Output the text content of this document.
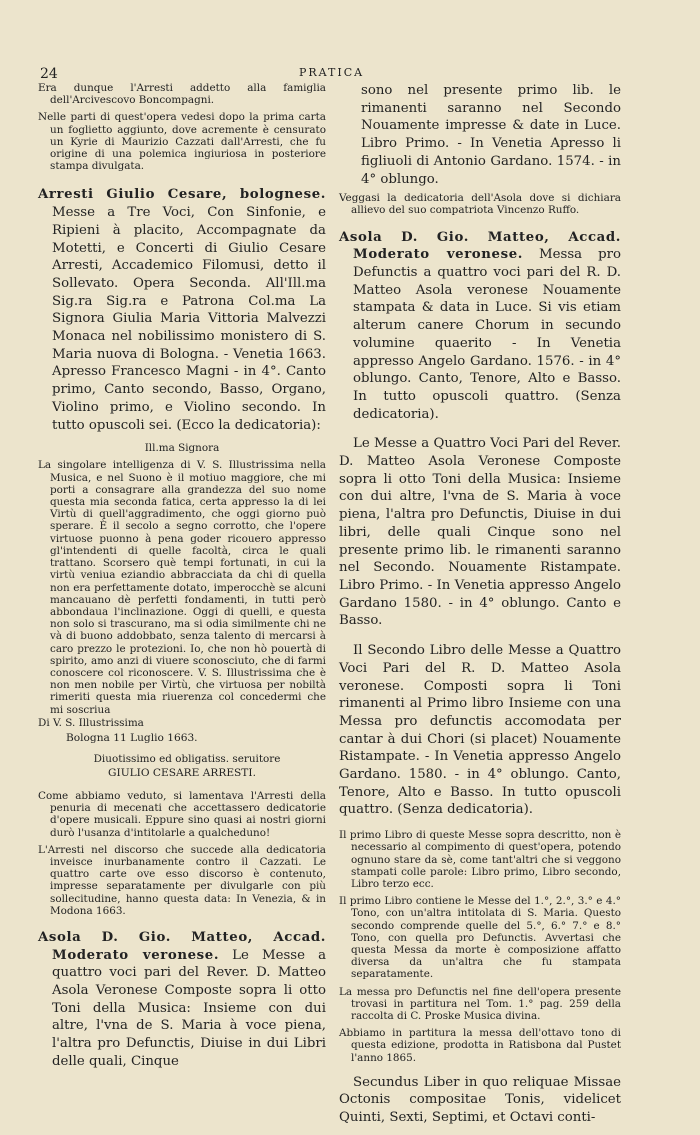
24	PRATICA

Era dunque l'Arresti addetto alla famiglia dell'Arcivescovo Boncompagni.

Nelle parti di quest'opera vedesi dopo la prima carta un foglietto aggiunto, dove acremente è censurato un Kyrie di Maurizio Cazzati dall'Arresti, che fu origine di una polemica ingiuriosa in posteriore stampa divulgata.

Arresti Giulio Cesare, bolognese. Messe a Tre Voci, Con Sinfonie, e Ripieni à placito, Accompagnate da Motetti, e Concerti di Giulio Cesare Arresti, Accademico Filomusi, detto il Sollevato. Opera Seconda. All'Ill.ma Sig.ra Sig.ra e Patrona Col.ma La Signora Giulia Maria Vittoria Malvezzi Monaca nel nobilissimo monistero di S. Maria nuova di Bologna. - Venetia 1663. Apresso Francesco Magni - in 4°. Canto primo, Canto secondo, Basso, Organo, Violino primo, e Violino secondo. In tutto opuscoli sei. (Ecco la dedicatoria):

Ill.ma Signora

La singolare intelligenza di V. S. Illustrissima nella Musica, e nel Suono è il motiuo maggiore, che mi porti a consagrare alla grandezza del suo nome questa mia seconda fatica, certa appresso la di lei Virtù di quell'aggradimento, che oggi giorno può sperare. È il secolo a segno corrotto, che l'opere virtuose puonno à pena goder ricouero appresso gl'intendenti di quelle facoltà, circa le quali trattano. Scorsero què tempi fortunati, in cui la virtù veniua eziandio abbracciata da chi di quella non era perfettamente dotato, imperocchè se alcuni mancauano dè perfetti fondamenti, in tutti però abbondaua l'inclinazione. Oggi di quelli, e questa non solo si trascurano, ma si odia similmente chi ne và di buono addobbato, senza talento di mercarsi à caro prezzo le protezioni. Io, che non hò pouertà di spirito, amo anzi di viuere sconosciuto, che di farmi conoscere col riconoscere. V. S. Illustrissima che è non men nobile per Virtù, che virtuosa per nobiltà rimeriti questa mia riuerenza col concedermi che mi soscriua

Di V. S. Illustrissima

Bologna 11 Luglio 1663.

Diuotissimo ed obligatiss. seruitore

GIULIO CESARE ARRESTI.

Come abbiamo veduto, si lamentava l'Arresti della penuria di mecenati che accettassero dedicatorie d'opere musicali. Eppure sino quasi ai nostri giorni durò l'usanza d'intitolarle a qualcheduno!

L'Arresti nel discorso che succede alla dedicatoria inveisce inurbanamente contro il Cazzati. Le quattro carte ove esso discorso è contenuto, impresse separatamente per divulgarle con più sollecitudine, hanno questa data: In Venezia, & in Modona 1663.

Asola D. Gio. Matteo, Accad. Moderato veronese. Le Messe a quattro voci pari del Rever. D. Matteo Asola Veronese Composte sopra li otto Toni della Musica: Insieme con dui altre, l'vna de S. Maria à voce piena, l'altra pro Defunctis, Diuise in dui Libri delle quali, Cinque

sono nel presente primo lib. le rimanenti saranno nel Secondo Nouamente impresse & date in Luce. Libro Primo. - In Venetia Apresso li figliuoli di Antonio Gardano. 1574. - in 4° oblungo.

Veggasi la dedicatoria dell'Asola dove si dichiara allievo del suo compatriota Vincenzo Ruffo.

Asola D. Gio. Matteo, Accad. Moderato veronese. Messa pro Defunctis a quattro voci pari del R. D. Matteo Asola veronese Nouamente stampata & data in Luce. Si vis etiam alterum canere Chorum in secundo volumine quaerito - In Venetia appresso Angelo Gardano. 1576. - in 4° oblungo. Canto, Tenore, Alto e Basso. In tutto opuscoli quattro. (Senza dedicatoria).

Le Messe a Quattro Voci Pari del Rever. D. Matteo Asola Veronese Composte sopra li otto Toni della Musica: Insieme con dui altre, l'vna de S. Maria à voce piena, l'altra pro Defunctis, Diuise in dui libri, delle quali Cinque sono nel presente primo lib. le rimanenti saranno nel Secondo. Nouamente Ristampate. Libro Primo. - In Venetia appresso Angelo Gardano 1580. - in 4° oblungo. Canto e Basso.

Il Secondo Libro delle Messe a Quattro Voci Pari del R. D. Matteo Asola veronese. Composti sopra li Toni rimanenti al Primo libro Insieme con una Messa pro defunctis accomodata per cantar à dui Chori (si placet) Nouamente Ristampate. - In Venetia appresso Angelo Gardano. 1580. - in 4° oblungo. Canto, Tenore, Alto e Basso. In tutto opuscoli quattro. (Senza dedicatoria).

Il primo Libro di queste Messe sopra descritto, non è necessario al compimento di quest'opera, potendo ognuno stare da sè, come tant'altri che si veggono stampati colle parole: Libro primo, Libro secondo, Libro terzo ecc.

Il primo Libro contiene le Messe del 1.°, 2.°, 3.° e 4.° Tono, con un'altra intitolata di S. Maria. Questo secondo comprende quelle del 5.°, 6.° 7.° e 8.° Tono, con quella pro Defunctis. Avvertasi che questa Messa da morte è composizione affatto diversa da un'altra che fu stampata separatamente.

La messa pro Defunctis nel fine dell'opera presente trovasi in partitura nel Tom. 1.° pag. 259 della raccolta di C. Proske Musica divina.

Abbiamo in partitura la messa dell'ottavo tono di questa edizione, prodotta in Ratisbona dal Pustet l'anno 1865.

Secundus Liber in quo reliquae Missae Octonis compositae Tonis, videlicet Quinti, Sexti, Septimi, et Octavi conti-
